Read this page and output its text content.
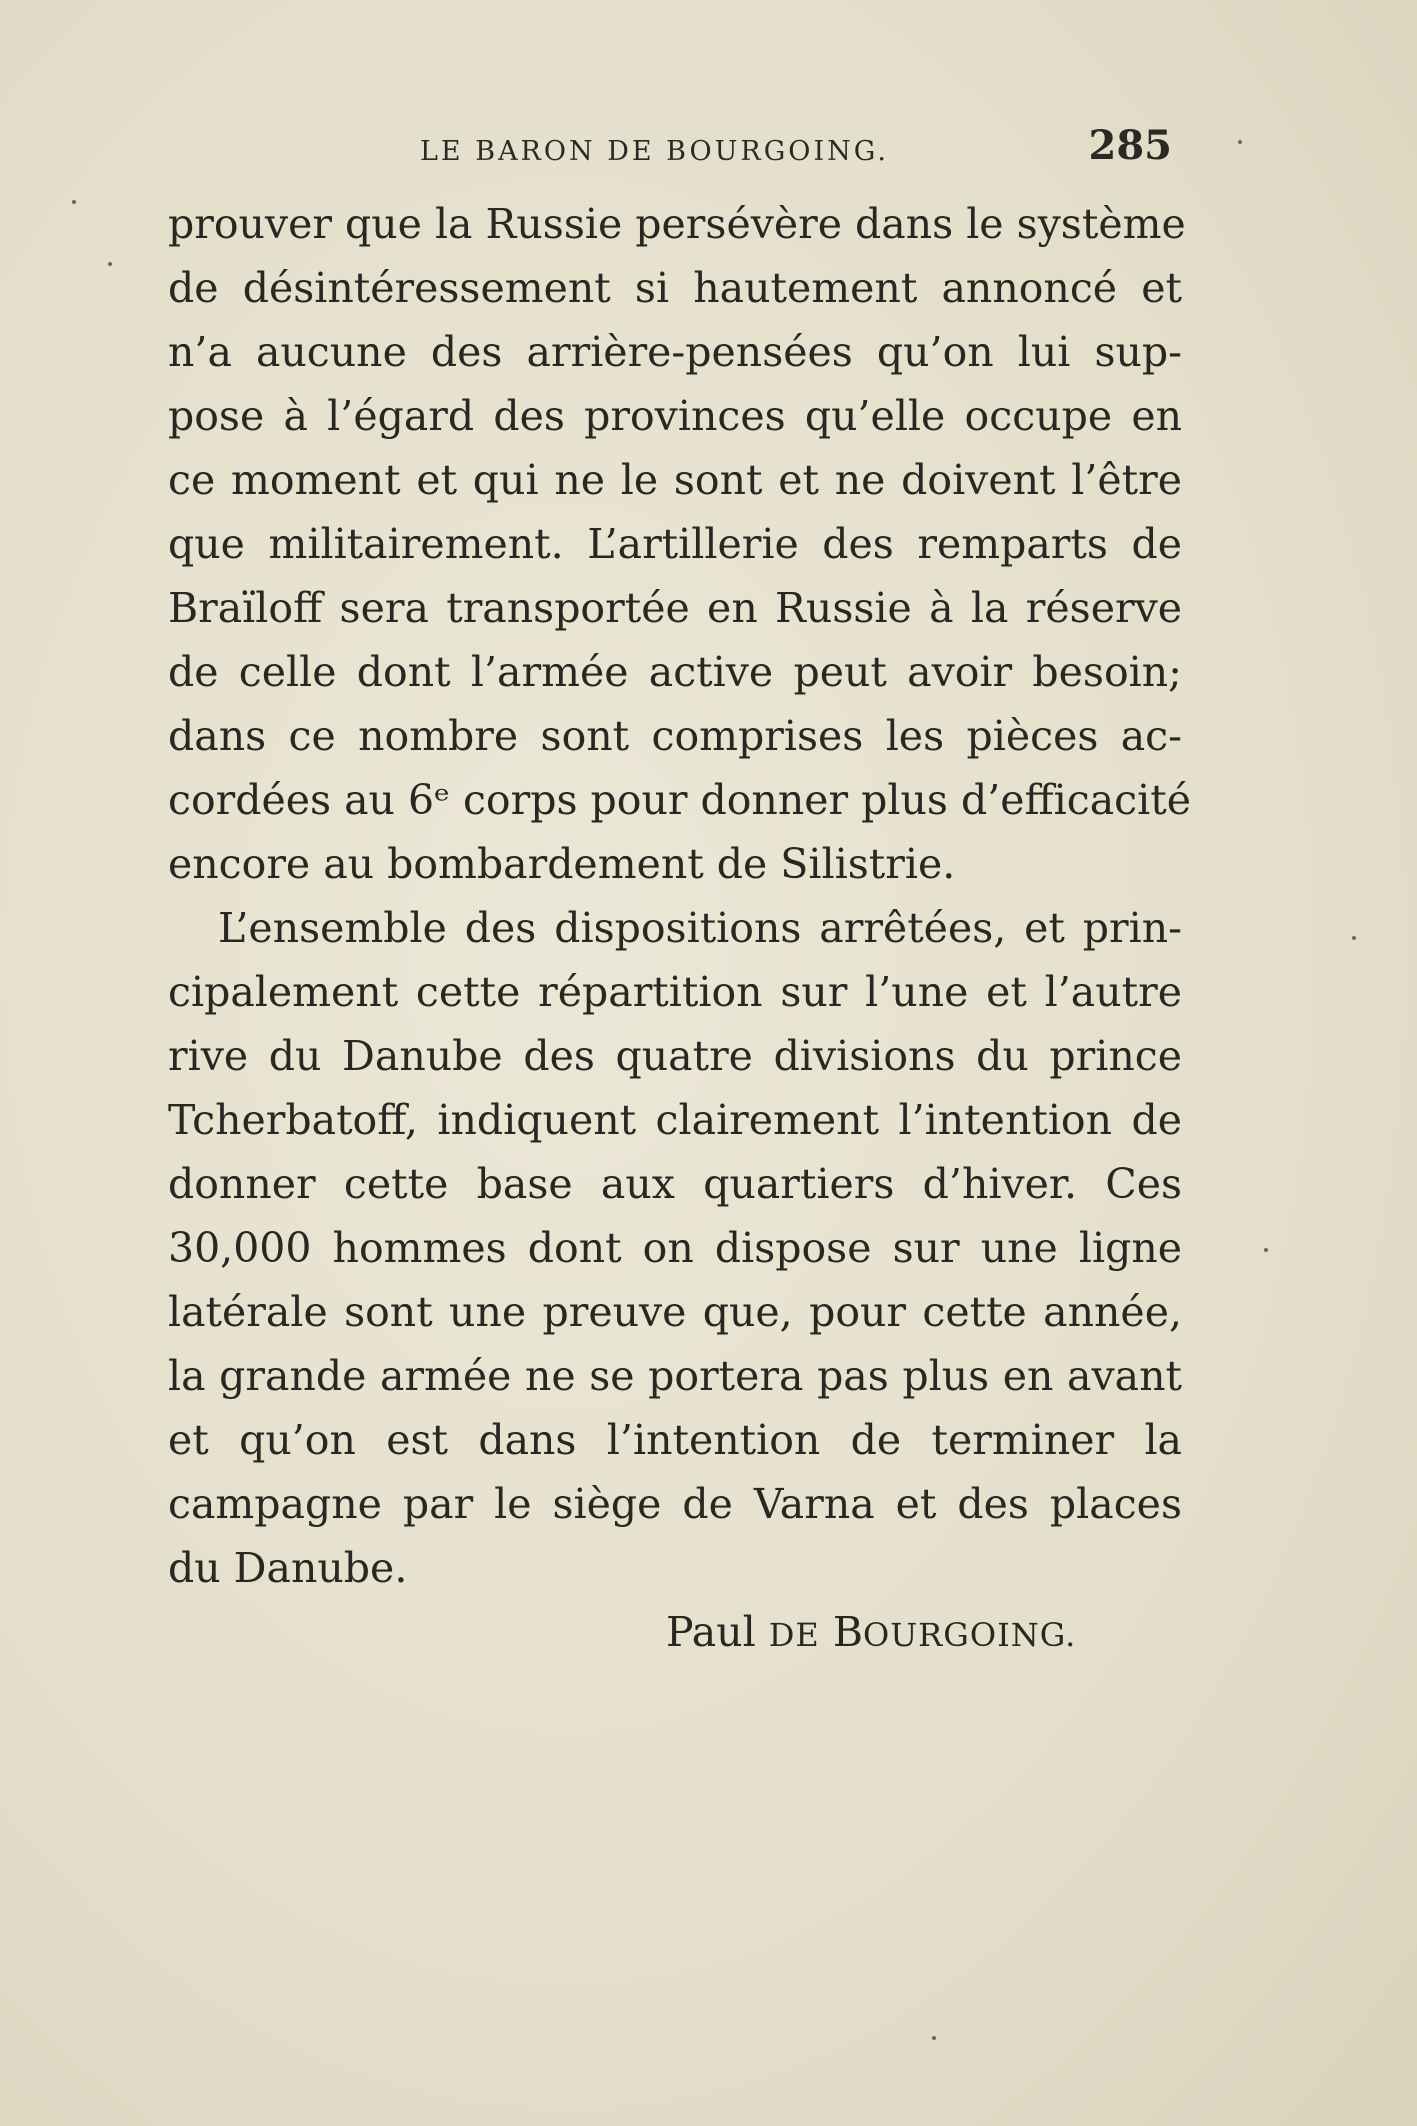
LE BARON DE BOURGOING.	285
prouver que la Russie persévère dans le système
de désintéressement si hautement annoncé et
n’a aucune des arrière-pensées qu’on lui sup-
pose à l’égard des provinces qu’elle occupe en
ce moment et qui ne le sont et ne doivent l’être
que militairement. L’artillerie des remparts de
Braïloff sera transportée en Russie à la réserve
de celle dont l’armée active peut avoir besoin;
dans ce nombre sont comprises les pièces ac-
cordées au 6ᵉ corps pour donner plus d’efficacité
encore au bombardement de Silistrie.
L’ensemble des dispositions arrêtées, et prin-
cipalement cette répartition sur l’une et l’autre
rive du Danube des quatre divisions du prince
Tcherbatoff, indiquent clairement l’intention de
donner cette base aux quartiers d’hiver. Ces
30,000 hommes dont on dispose sur une ligne
latérale sont une preuve que, pour cette année,
la grande armée ne se portera pas plus en avant
et qu’on est dans l’intention de terminer la
campagne par le siège de Varna et des places
du Danube.
Paul DE BOURGOING.
